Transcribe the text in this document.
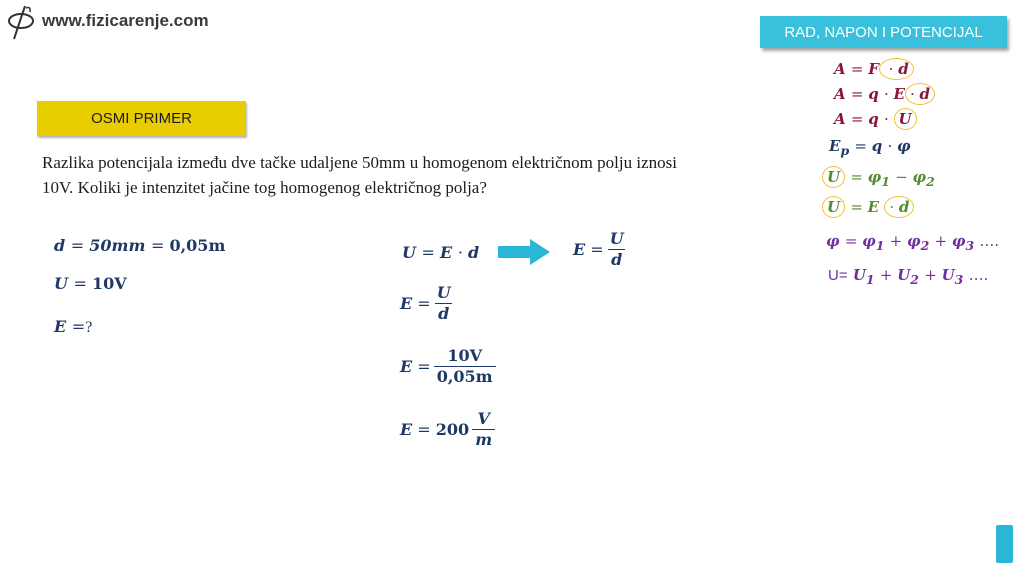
www.fizicarenje.com
RAD, NAPON I POTENCIJAL
OSMI PRIMER
Razlika potencijala između dve tačke udaljene 50mm u homogenom električnom polju iznosi
10V. Koliki je intenzitet jačine tog homogenog električnog polja?
d = 50mm = 0,05m
U = 10V
E =?
U = E · d	$E = \frac{U}{d}$
$E = \frac{U}{d}$
$E = \frac{10V}{0,05m}$
$E = 200 \frac{V}{m}$
A = F · d
A = q · E · d
A = q · U
$E_p = q \cdot \varphi$
$U = \varphi_1 - \varphi_2$
U = E · d
$\varphi = \varphi_1 + \varphi_2 + \varphi_3$ ….
$U= U_1 + U_2 + U_3$ ….
